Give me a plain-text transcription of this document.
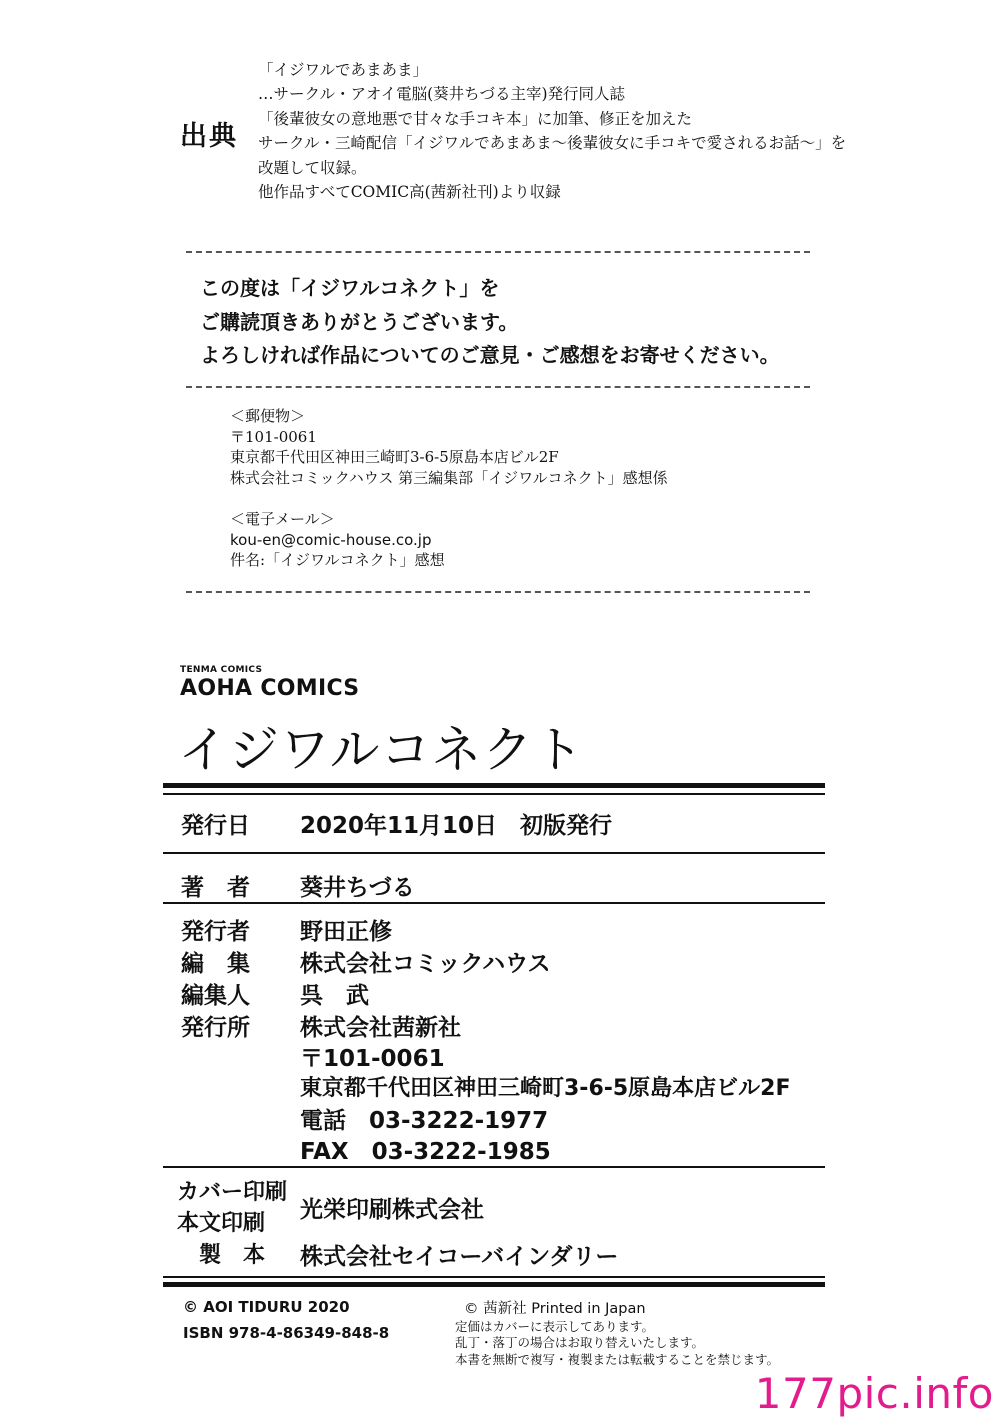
出典
「イジワルであまあま」
…サークル・アオイ電脳(葵井ちづる主宰)発行同人誌
「後輩彼女の意地悪で甘々な手コキ本」に加筆、修正を加えた
サークル・三崎配信「イジワルであまあま～後輩彼女に手コキで愛されるお話～」を
改題して収録。
他作品すべてCOMIC高(茜新社刊)より収録
この度は「イジワルコネクト」を
ご購読頂きありがとうございます。
よろしければ作品についてのご意見・ご感想をお寄せください。
＜郵便物＞
〒101-0061
東京都千代田区神田三崎町3-6-5原島本店ビル2F
株式会社コミックハウス 第三編集部「イジワルコネクト」感想係
＜電子メール＞
kou-en@comic-house.co.jp
件名:「イジワルコネクト」感想
TENMA COMICS
AOHA COMICS
イジワルコネクト
発行日 2020年11月10日　初版発行
著　者 葵井ちづる
発行者 野田正修
編　集 株式会社コミックハウス
編集人 呉　武
発行所 株式会社茜新社
〒101-0061
東京都千代田区神田三崎町3-6-5原島本店ビル2F
電話　03-3222-1977
FAX　03-3222-1985
カバー印刷
本文印刷
光栄印刷株式会社
製　本 株式会社セイコーバインダリー
© AOI TIDURU 2020
ISBN 978-4-86349-848-8
© 茜新社 Printed in Japan
定価はカバーに表示してあります。
乱丁・落丁の場合はお取り替えいたします。
本書を無断で複写・複製または転載することを禁じます。
177pic.info
